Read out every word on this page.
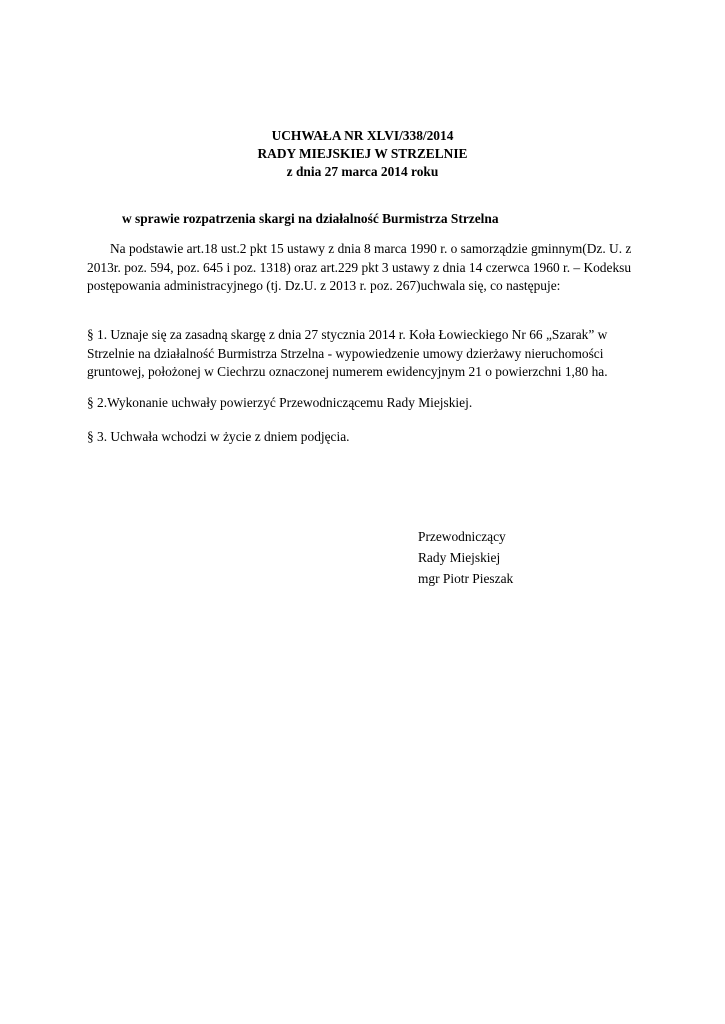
UCHWAŁA NR XLVI/338/2014
RADY MIEJSKIEJ W STRZELNIE
z dnia 27 marca 2014 roku
w sprawie rozpatrzenia skargi na działalność Burmistrza Strzelna
Na podstawie art.18 ust.2 pkt 15 ustawy z dnia 8 marca 1990 r. o samorządzie gminnym(Dz. U. z 2013r. poz. 594, poz. 645 i poz. 1318) oraz art.229 pkt 3 ustawy z dnia 14 czerwca 1960 r. – Kodeksu postępowania administracyjnego (tj. Dz.U. z 2013 r. poz. 267)uchwala się, co następuje:
§ 1. Uznaje się za zasadną skargę z dnia 27 stycznia 2014 r. Koła Łowieckiego Nr 66 „Szarak” w Strzelnie na działalność Burmistrza Strzelna - wypowiedzenie umowy dzierżawy nieruchomości gruntowej, położonej w Ciechrzu oznaczonej numerem ewidencyjnym 21 o powierzchni 1,80 ha.
§ 2.Wykonanie uchwały powierzyć Przewodniczącemu Rady Miejskiej.
§ 3. Uchwała wchodzi w życie z dniem podjęcia.
Przewodniczący
Rady Miejskiej
mgr Piotr Pieszak
